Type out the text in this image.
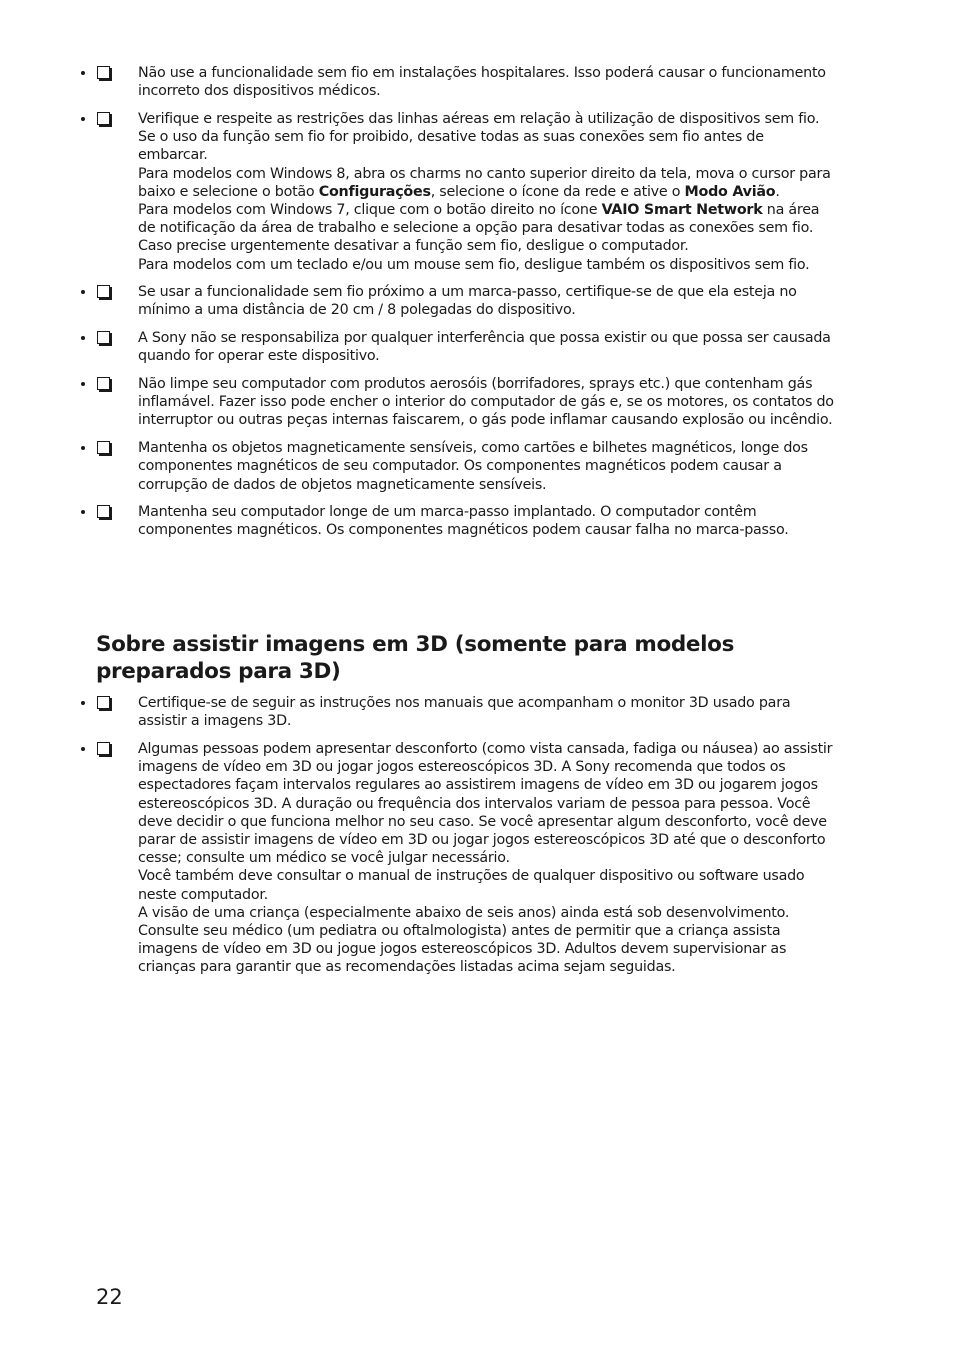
• Não use a funcionalidade sem fio em instalações hospitalares. Isso poderá causar o funcionamento incorreto dos dispositivos médicos.
• Verifique e respeite as restrições das linhas aéreas em relação à utilização de dispositivos sem fio. Se o uso da função sem fio for proibido, desative todas as suas conexões sem fio antes de embarcar.
Para modelos com Windows 8, abra os charms no canto superior direito da tela, mova o cursor para baixo e selecione o botão Configurações, selecione o ícone da rede e ative o Modo Avião.
Para modelos com Windows 7, clique com o botão direito no ícone VAIO Smart Network na área de notificação da área de trabalho e selecione a opção para desativar todas as conexões sem fio.
Caso precise urgentemente desativar a função sem fio, desligue o computador.
Para modelos com um teclado e/ou um mouse sem fio, desligue também os dispositivos sem fio.
• Se usar a funcionalidade sem fio próximo a um marca-passo, certifique-se de que ela esteja no mínimo a uma distância de 20 cm / 8 polegadas do dispositivo.
• A Sony não se responsabiliza por qualquer interferência que possa existir ou que possa ser causada quando for operar este dispositivo.
• Não limpe seu computador com produtos aerosóis (borrifadores, sprays etc.) que contenham gás inflamável. Fazer isso pode encher o interior do computador de gás e, se os motores, os contatos do interruptor ou outras peças internas faiscarem, o gás pode inflamar causando explosão ou incêndio.
• Mantenha os objetos magneticamente sensíveis, como cartões e bilhetes magnéticos, longe dos componentes magnéticos de seu computador. Os componentes magnéticos podem causar a corrupção de dados de objetos magneticamente sensíveis.
• Mantenha seu computador longe de um marca-passo implantado. O computador contêm componentes magnéticos. Os componentes magnéticos podem causar falha no marca-passo.
Sobre assistir imagens em 3D (somente para modelos preparados para 3D)
• Certifique-se de seguir as instruções nos manuais que acompanham o monitor 3D usado para assistir a imagens 3D.
• Algumas pessoas podem apresentar desconforto (como vista cansada, fadiga ou náusea) ao assistir imagens de vídeo em 3D ou jogar jogos estereoscópicos 3D. A Sony recomenda que todos os espectadores façam intervalos regulares ao assistirem imagens de vídeo em 3D ou jogarem jogos estereoscópicos 3D. A duração ou frequência dos intervalos variam de pessoa para pessoa. Você deve decidir o que funciona melhor no seu caso. Se você apresentar algum desconforto, você deve parar de assistir imagens de vídeo em 3D ou jogar jogos estereoscópicos 3D até que o desconforto cesse; consulte um médico se você julgar necessário.
Você também deve consultar o manual de instruções de qualquer dispositivo ou software usado neste computador.
A visão de uma criança (especialmente abaixo de seis anos) ainda está sob desenvolvimento. Consulte seu médico (um pediatra ou oftalmologista) antes de permitir que a criança assista imagens de vídeo em 3D ou jogue jogos estereoscópicos 3D. Adultos devem supervisionar as crianças para garantir que as recomendações listadas acima sejam seguidas.
22
